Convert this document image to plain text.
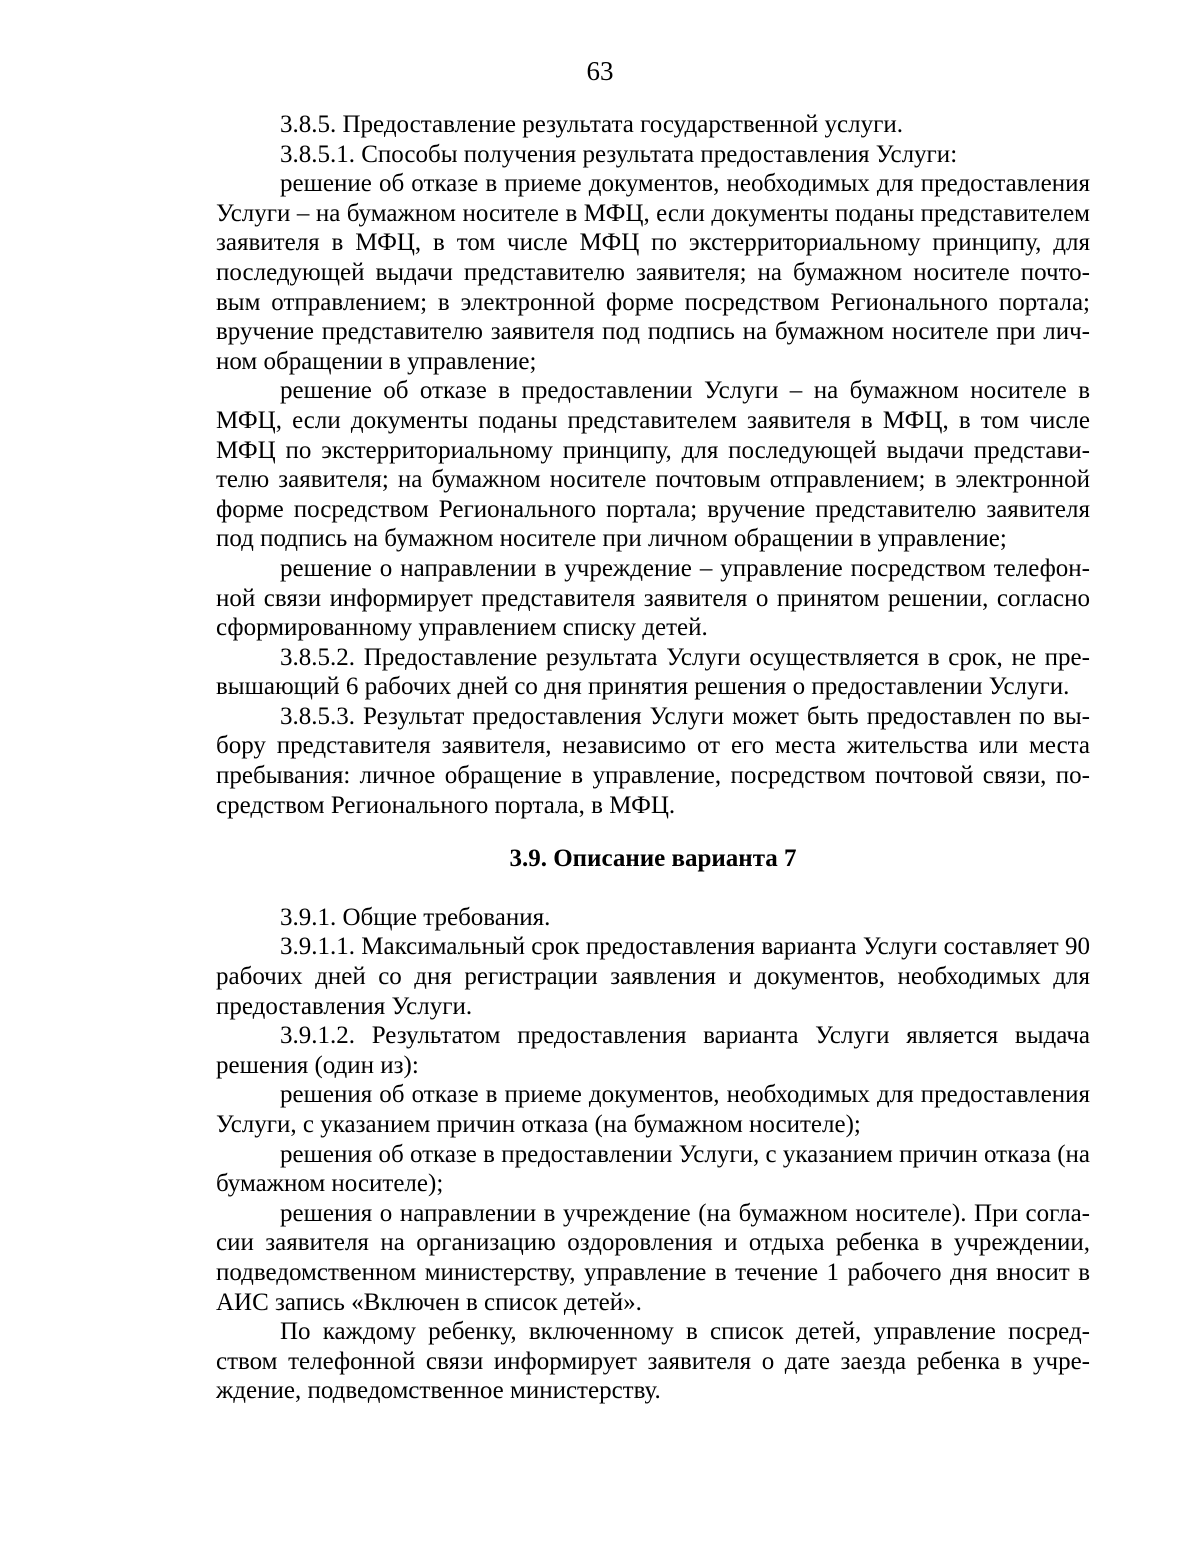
63

3.8.5. Предоставление результата государственной услуги.

3.8.5.1. Способы получения результата предоставления Услуги:

решение об отказе в приеме документов, необходимых для предоставления Услуги – на бумажном носителе в МФЦ, если документы поданы представителем заявителя в МФЦ, в том числе МФЦ по экстерриториальному принципу, для последующей выдачи представителю заявителя; на бумажном носителе почтовым отправлением; в электронной форме посредством Регионального портала; вручение представителю заявителя под подпись на бумажном носителе при личном обращении в управление;

решение об отказе в предоставлении Услуги – на бумажном носителе в МФЦ, если документы поданы представителем заявителя в МФЦ, в том числе МФЦ по экстерриториальному принципу, для последующей выдачи представителю заявителя; на бумажном носителе почтовым отправлением; в электронной форме посредством Регионального портала; вручение представителю заявителя под подпись на бумажном носителе при личном обращении в управление;

решение о направлении в учреждение – управление посредством телефонной связи информирует представителя заявителя о принятом решении, согласно сформированному управлением списку детей.

3.8.5.2. Предоставление результата Услуги осуществляется в срок, не превышающий 6 рабочих дней со дня принятия решения о предоставлении Услуги.

3.8.5.3. Результат предоставления Услуги может быть предоставлен по выбору представителя заявителя, независимо от его места жительства или места пребывания: личное обращение в управление, посредством почтовой связи, посредством Регионального портала, в МФЦ.

3.9. Описание варианта 7

3.9.1. Общие требования.

3.9.1.1. Максимальный срок предоставления варианта Услуги составляет 90 рабочих дней со дня регистрации заявления и документов, необходимых для предоставления Услуги.

3.9.1.2. Результатом предоставления варианта Услуги является выдача решения (один из):

решения об отказе в приеме документов, необходимых для предоставления Услуги, с указанием причин отказа (на бумажном носителе);

решения об отказе в предоставлении Услуги, с указанием причин отказа (на бумажном носителе);

решения о направлении в учреждение (на бумажном носителе). При согласии заявителя на организацию оздоровления и отдыха ребенка в учреждении, подведомственном министерству, управление в течение 1 рабочего дня вносит в АИС запись «Включен в список детей».

По каждому ребенку, включенному в список детей, управление посредством телефонной связи информирует заявителя о дате заезда ребенка в учреждение, подведомственное министерству.
